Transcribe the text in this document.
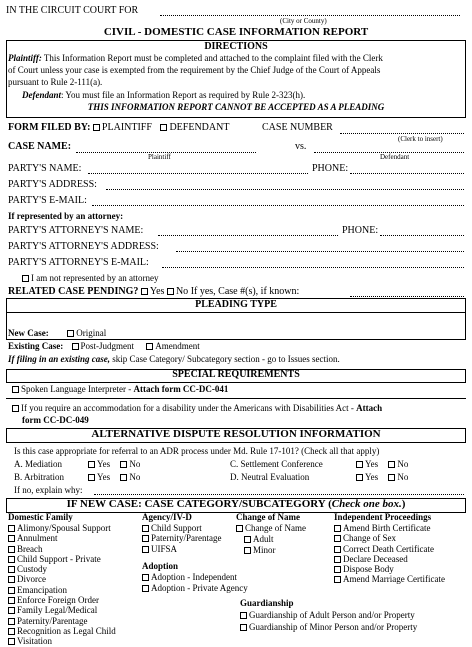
IN THE CIRCUIT COURT FOR
(City or County)
CIVIL - DOMESTIC CASE INFORMATION REPORT
DIRECTIONS
Plaintiff: This Information Report must be completed and attached to the complaint filed with the Clerk
of Court unless your case is exempted from the requirement by the Chief Judge of the Court of Appeals
pursuant to Rule 2-111(a).
Defendant: You must file an Information Report as required by Rule 2-323(h).
THIS INFORMATION REPORT CANNOT BE ACCEPTED AS A PLEADING
FORM FILED BY: PLAINTIFF DEFENDANT	CASE NUMBER
(Clerk to insert)
CASE NAME:	vs.
Plaintiff	Defendant
PARTY'S NAME:	PHONE:
PARTY'S ADDRESS:
PARTY'S E-MAIL:
If represented by an attorney:
PARTY'S ATTORNEY'S NAME:	PHONE:
PARTY'S ATTORNEY'S ADDRESS:
PARTY'S ATTORNEY'S E-MAIL:
I am not represented by an attorney
RELATED CASE PENDING? Yes No If yes, Case #(s), if known:
PLEADING TYPE
New Case:	Original
Existing Case: Post-Judgment Amendment
If filing in an existing case, skip Case Category/ Subcategory section - go to Issues section.
SPECIAL REQUIREMENTS
Spoken Language Interpreter - Attach form CC-DC-041
If you require an accommodation for a disability under the Americans with Disabilities Act - Attach
form CC-DC-049
ALTERNATIVE DISPUTE RESOLUTION INFORMATION
Is this case appropriate for referral to an ADR process under Md. Rule 17-101? (Check all that apply)
A. Mediation	Yes No	C. Settlement Conference	Yes No
B. Arbitration	Yes No	D. Neutral Evaluation	Yes No
If no, explain why:
IF NEW CASE: CASE CATEGORY/SUBCATEGORY (Check one box.)
Domestic Family
Alimony/Spousal Support
Annulment
Breach
Child Support - Private
Custody
Divorce
Emancipation
Enforce Foreign Order
Family Legal/Medical
Paternity/Parentage
Recognition as Legal Child
Visitation
Agency/IV-D
Child Support
Paternity/Parentage
UIFSA
Adoption
Adoption - Independent
Adoption - Private Agency
Change of Name
Change of Name
Adult
Minor
Independent Proceedings
Amend Birth Certificate
Change of Sex
Correct Death Certificate
Declare Deceased
Dispose Body
Amend Marriage Certificate
Guardianship
Guardianship of Adult Person and/or Property
Guardianship of Minor Person and/or Property
